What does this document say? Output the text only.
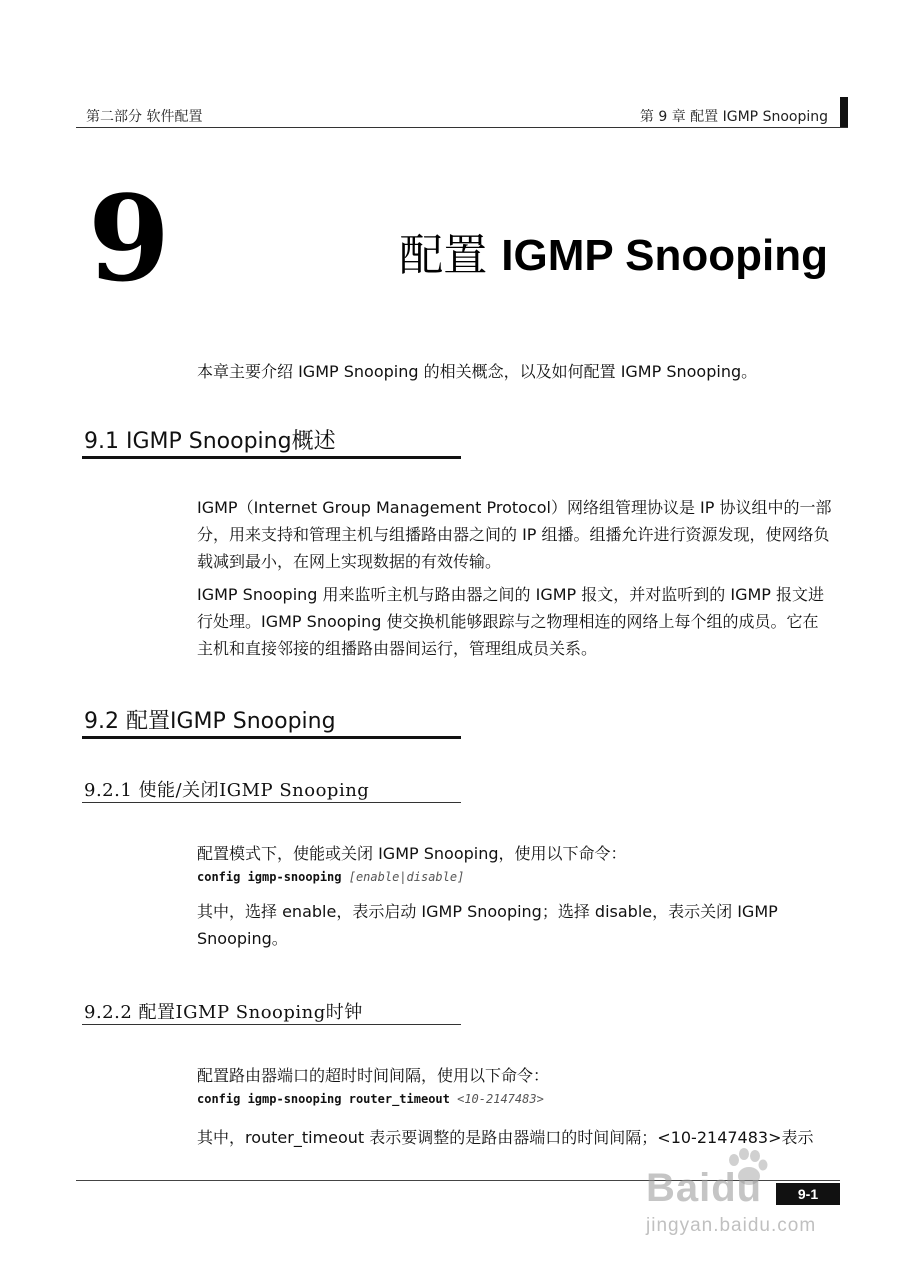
第二部分 软件配置	第 9 章 配置 IGMP Snooping
9	配置 IGMP Snooping
本章主要介绍 IGMP Snooping 的相关概念，以及如何配置 IGMP Snooping。
9.1 IGMP Snooping概述
IGMP（Internet Group Management Protocol）网络组管理协议是 IP 协议组中的一部分，用来支持和管理主机与组播路由器之间的 IP 组播。组播允许进行资源发现，使网络负载减到最小，在网上实现数据的有效传输。
IGMP Snooping 用来监听主机与路由器之间的 IGMP 报文，并对监听到的 IGMP 报文进行处理。IGMP Snooping 使交换机能够跟踪与之物理相连的网络上每个组的成员。它在主机和直接邻接的组播路由器间运行，管理组成员关系。
9.2 配置IGMP Snooping
9.2.1 使能/关闭IGMP Snooping
配置模式下，使能或关闭 IGMP Snooping，使用以下命令：
config igmp-snooping [enable|disable]
其中，选择 enable，表示启动 IGMP Snooping；选择 disable，表示关闭 IGMP Snooping。
9.2.2 配置IGMP Snooping时钟
配置路由器端口的超时时间间隔，使用以下命令：
config igmp-snooping router_timeout <10-2147483>
其中，router_timeout 表示要调整的是路由器端口的时间间隔；<10-2147483>表示
9-1
Baidu
jingyan.baidu.com
